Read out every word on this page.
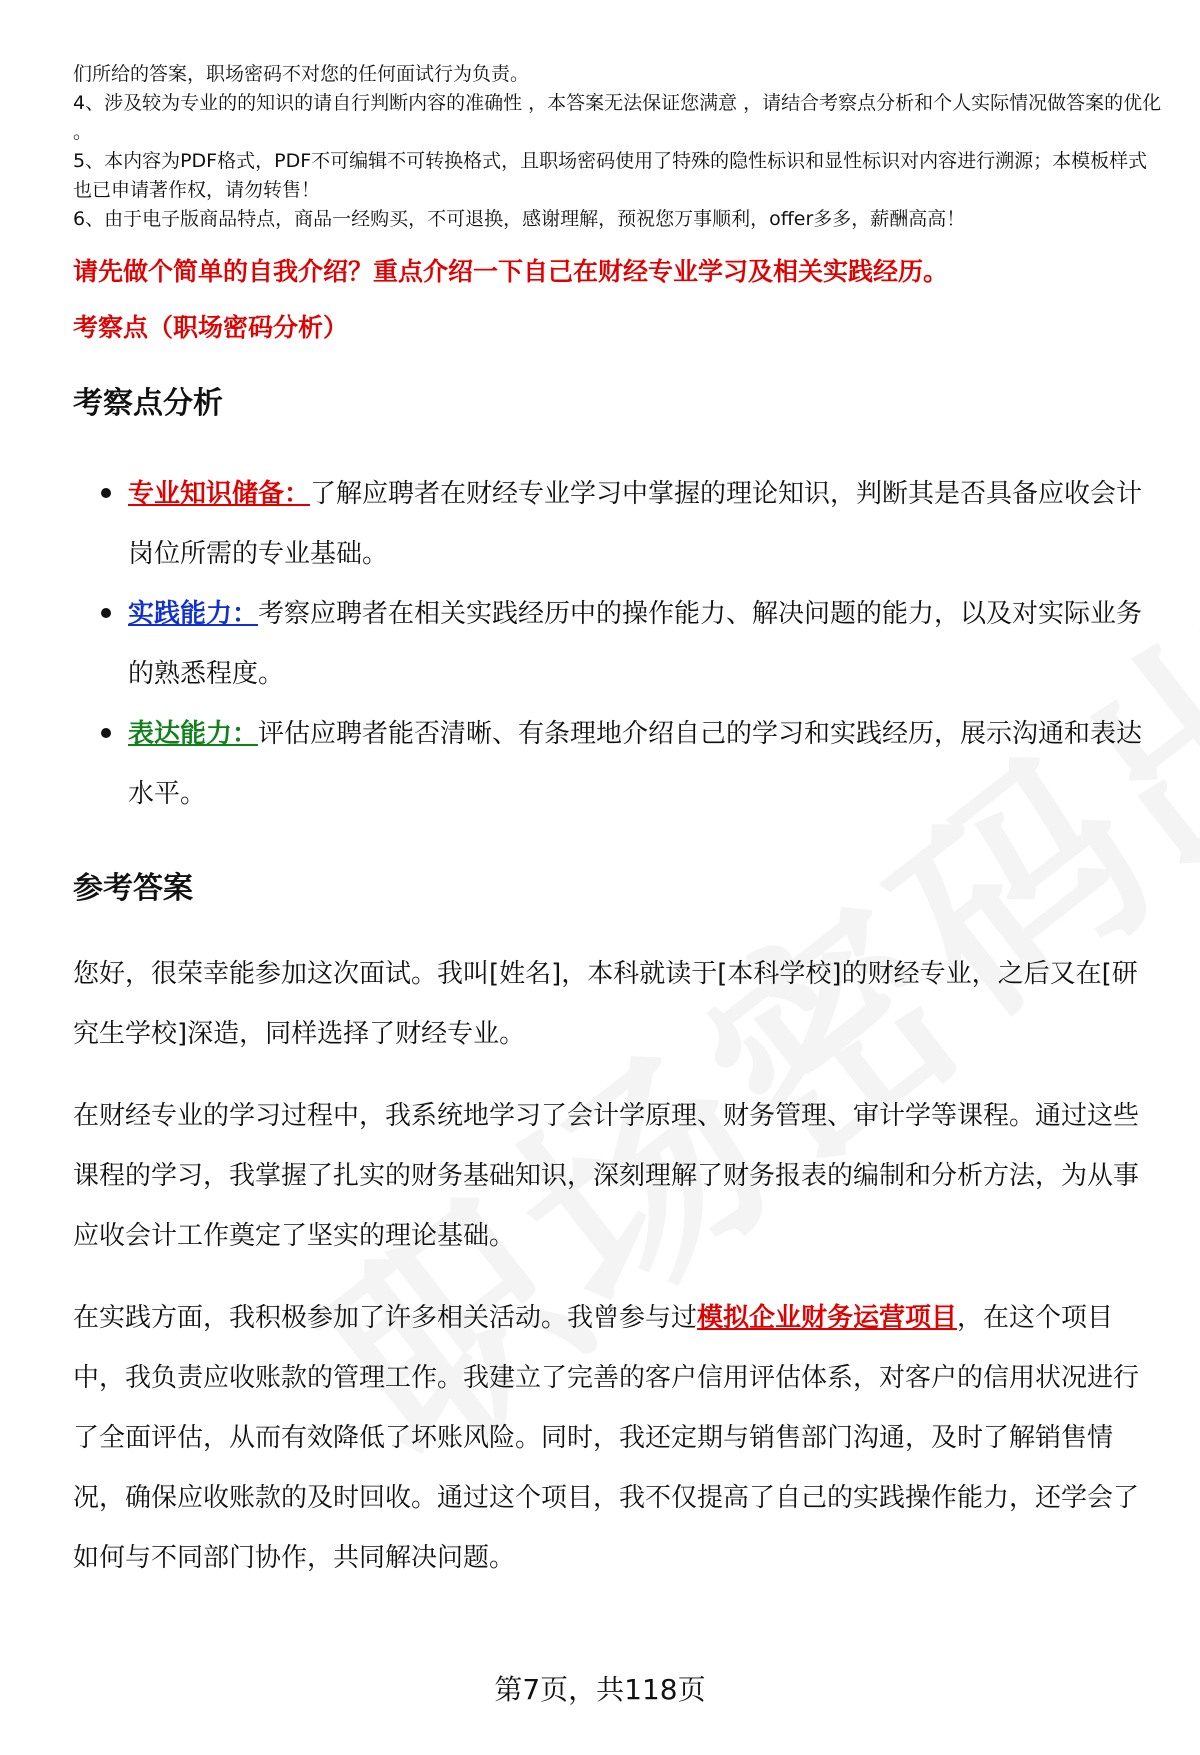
们所给的答案，职场密码不对您的任何面试行为负责。

4、涉及较为专业的的知识的请自行判断内容的准确性 ，本答案无法保证您满意 ，请结合考察点分析和个人实际情况做答案的优化 。

5、本内容为PDF格式，PDF不可编辑不可转换格式，且职场密码使用了特殊的隐性标识和显性标识对内容进行溯源；本模板样式也已申请著作权，请勿转售！

6、由于电子版商品特点，商品一经购买，不可退换，感谢理解，预祝您万事顺利，offer多多，薪酬高高！

请先做个简单的自我介绍？重点介绍一下自己在财经专业学习及相关实践经历。
考察点（职场密码分析）
考察点分析
专业知识储备：了解应聘者在财经专业学习中掌握的理论知识，判断其是否具备应收会计岗位所需的专业基础。
实践能力：考察应聘者在相关实践经历中的操作能力、解决问题的能力，以及对实际业务的熟悉程度。
表达能力：评估应聘者能否清晰、有条理地介绍自己的学习和实践经历，展示沟通和表达水平。
参考答案

您好，很荣幸能参加这次面试。我叫[姓名]，本科就读于[本科学校]的财经专业，之后又在[研究生学校]深造，同样选择了财经专业。

在财经专业的学习过程中，我系统地学习了会计学原理、财务管理、审计学等课程。通过这些课程的学习，我掌握了扎实的财务基础知识，深刻理解了财务报表的编制和分析方法，为从事应收会计工作奠定了坚实的理论基础。

在实践方面，我积极参加了许多相关活动。我曾参与过模拟企业财务运营项目，在这个项目中，我负责应收账款的管理工作。我建立了完善的客户信用评估体系，对客户的信用状况进行了全面评估，从而有效降低了坏账风险。同时，我还定期与销售部门沟通，及时了解销售情况，确保应收账款的及时回收。通过这个项目，我不仅提高了自己的实践操作能力，还学会了如何与不同部门协作，共同解决问题。

第7页，共118页
